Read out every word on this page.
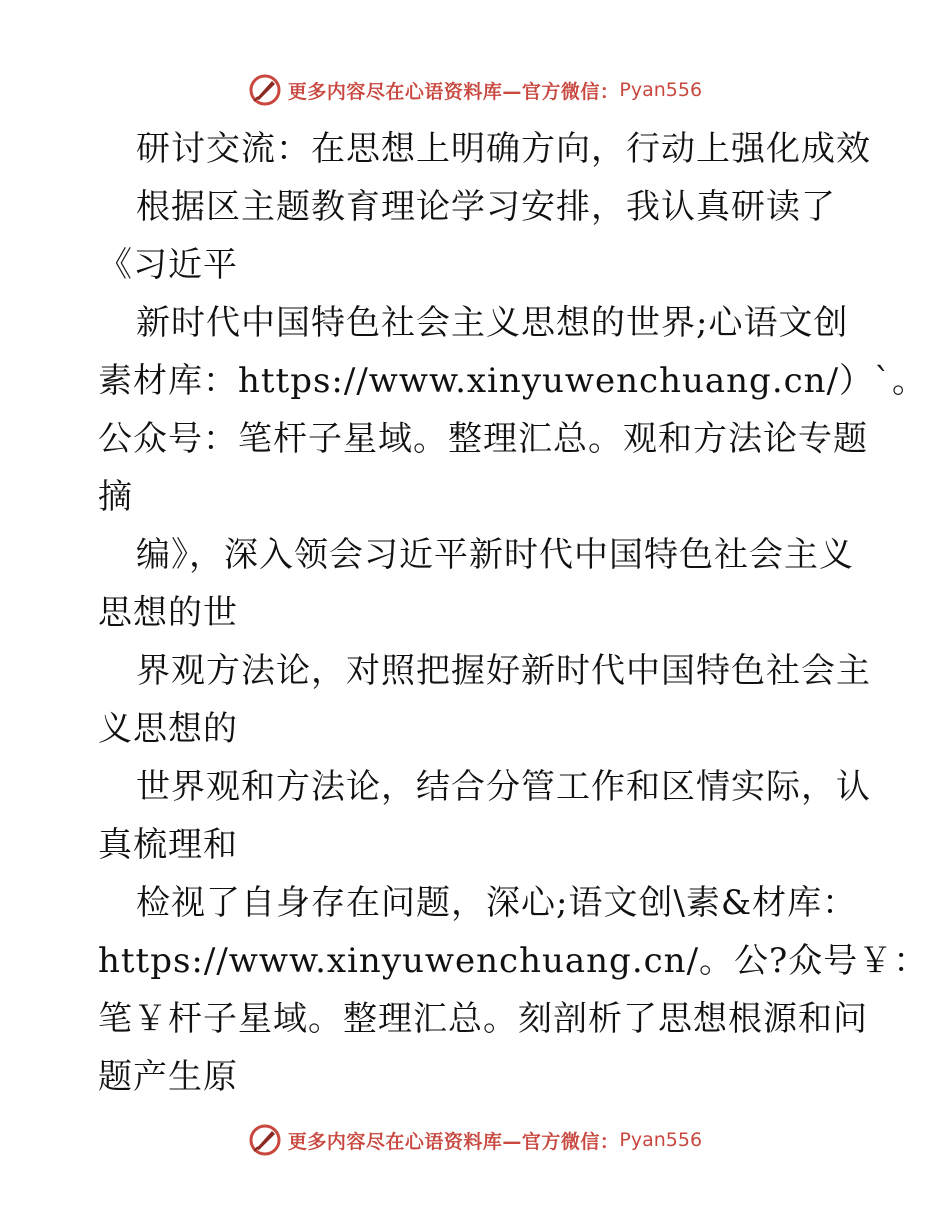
更多内容尽在心语资料库—官方微信： Pyan556
研讨交流：在思想上明确方向，行动上强化成效
根据区主题教育理论学习安排，我认真研读了
《习近平
新时代中国特色社会主义思想的世界;心语文创
素材库：https://www.xinyuwenchuang.cn/）`。
公众号：笔杆子星域。整理汇总。观和方法论专题
摘
编》，深入领会习近平新时代中国特色社会主义
思想的世
界观方法论，对照把握好新时代中国特色社会主
义思想的
世界观和方法论，结合分管工作和区情实际，认
真梳理和
检视了自身存在问题，深心;语文创\素&材库：
https://www.xinyuwenchuang.cn/。公?众号￥：
笔￥杆子星域。整理汇总。刻剖析了思想根源和问
题产生原
更多内容尽在心语资料库—官方微信： Pyan556
